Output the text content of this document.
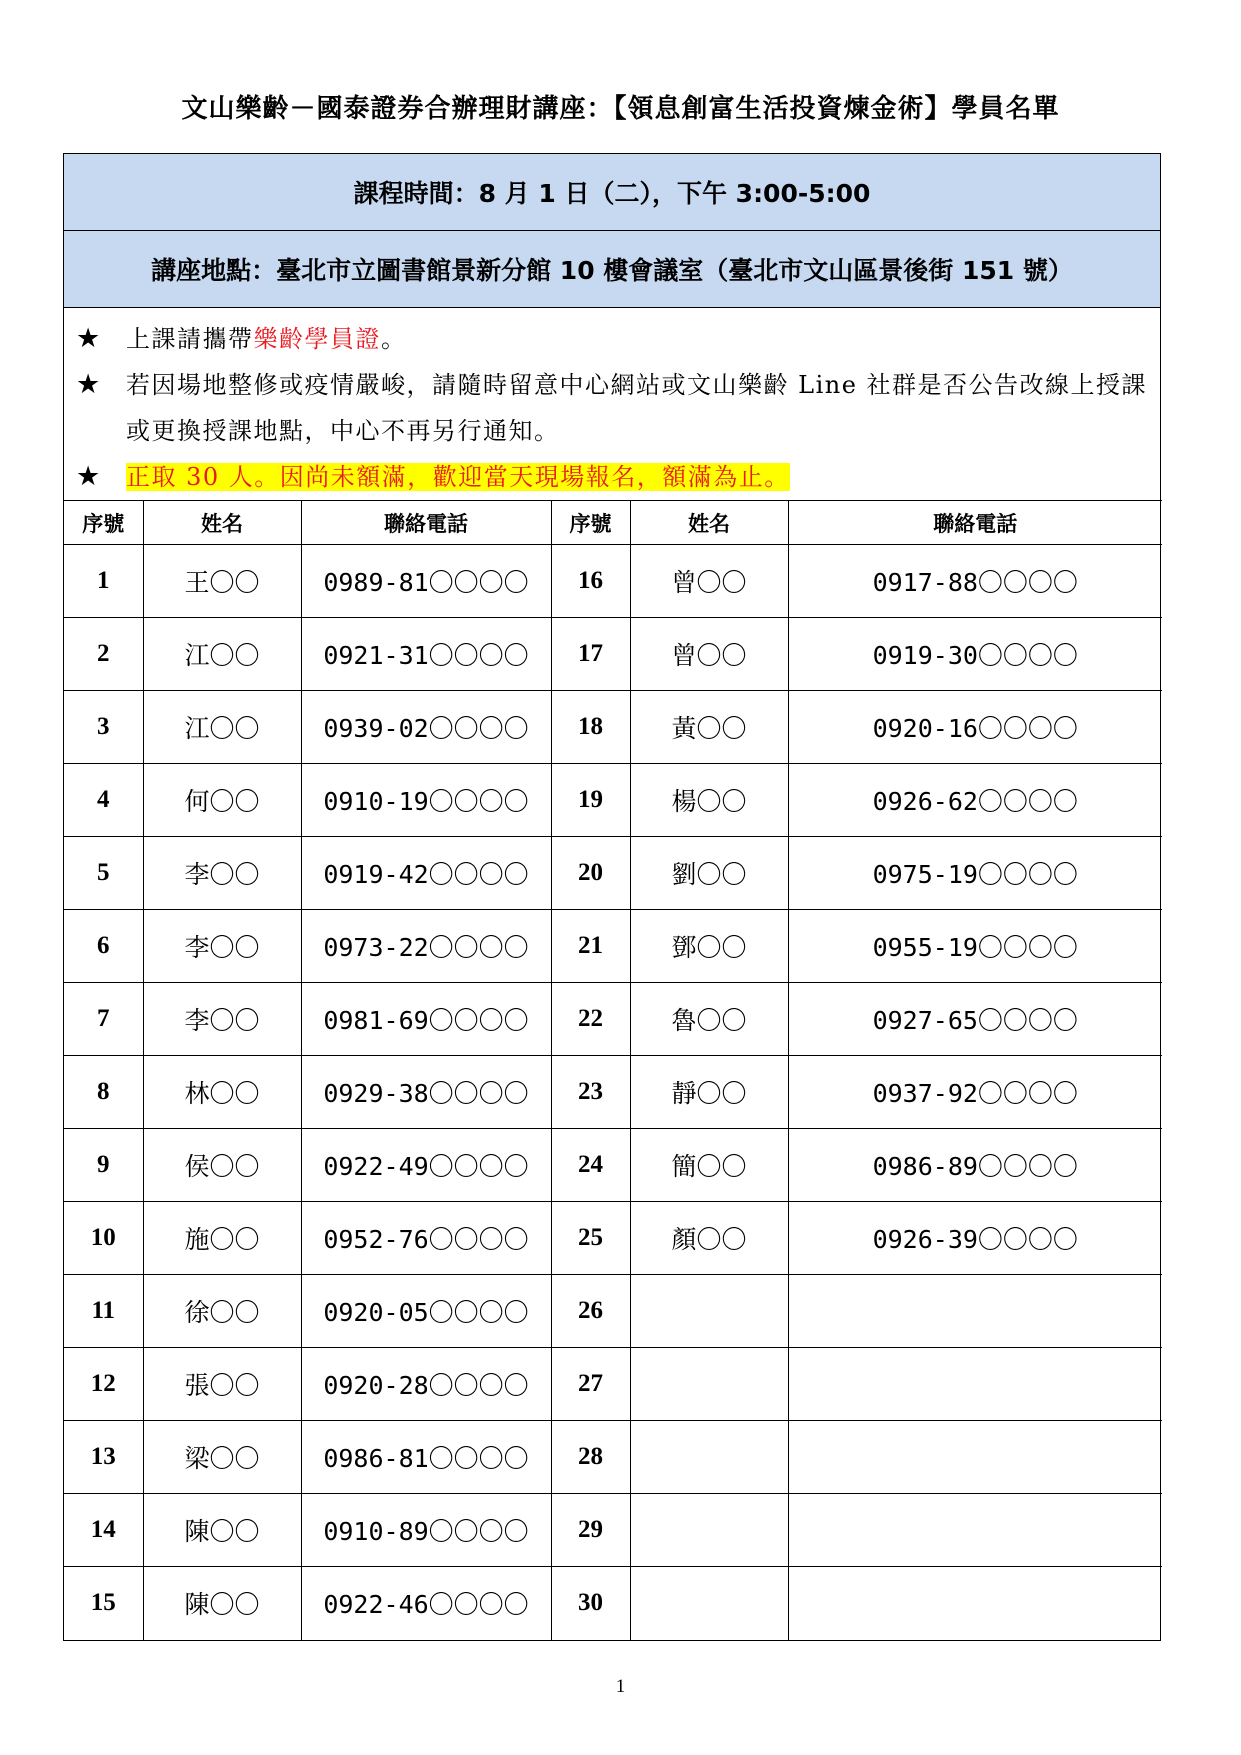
文山樂齡－國泰證券合辦理財講座：【領息創富生活投資煉金術】學員名單
課程時間：8 月 1 日（二），下午 3:00-5:00
講座地點：臺北市立圖書館景新分館 10 樓會議室（臺北市文山區景後街 151 號）
★	上課請攜帶樂齡學員證。
★	若因場地整修或疫情嚴峻，請隨時留意中心網站或文山樂齡 Line 社群是否公告改線上授課或更換授課地點，中心不再另行通知。
★	正取 30 人。因尚未額滿，歡迎當天現場報名，額滿為止。
序號	姓名	聯絡電話	序號	姓名	聯絡電話
1	王〇〇	0989-81〇〇〇〇	16	曾〇〇	0917-88〇〇〇〇
2	江〇〇	0921-31〇〇〇〇	17	曾〇〇	0919-30〇〇〇〇
3	江〇〇	0939-02〇〇〇〇	18	黃〇〇	0920-16〇〇〇〇
4	何〇〇	0910-19〇〇〇〇	19	楊〇〇	0926-62〇〇〇〇
5	李〇〇	0919-42〇〇〇〇	20	劉〇〇	0975-19〇〇〇〇
6	李〇〇	0973-22〇〇〇〇	21	鄧〇〇	0955-19〇〇〇〇
7	李〇〇	0981-69〇〇〇〇	22	魯〇〇	0927-65〇〇〇〇
8	林〇〇	0929-38〇〇〇〇	23	靜〇〇	0937-92〇〇〇〇
9	侯〇〇	0922-49〇〇〇〇	24	簡〇〇	0986-89〇〇〇〇
10	施〇〇	0952-76〇〇〇〇	25	顏〇〇	0926-39〇〇〇〇
11	徐〇〇	0920-05〇〇〇〇	26		
12	張〇〇	0920-28〇〇〇〇	27		
13	梁〇〇	0986-81〇〇〇〇	28		
14	陳〇〇	0910-89〇〇〇〇	29		
15	陳〇〇	0922-46〇〇〇〇	30		
1
